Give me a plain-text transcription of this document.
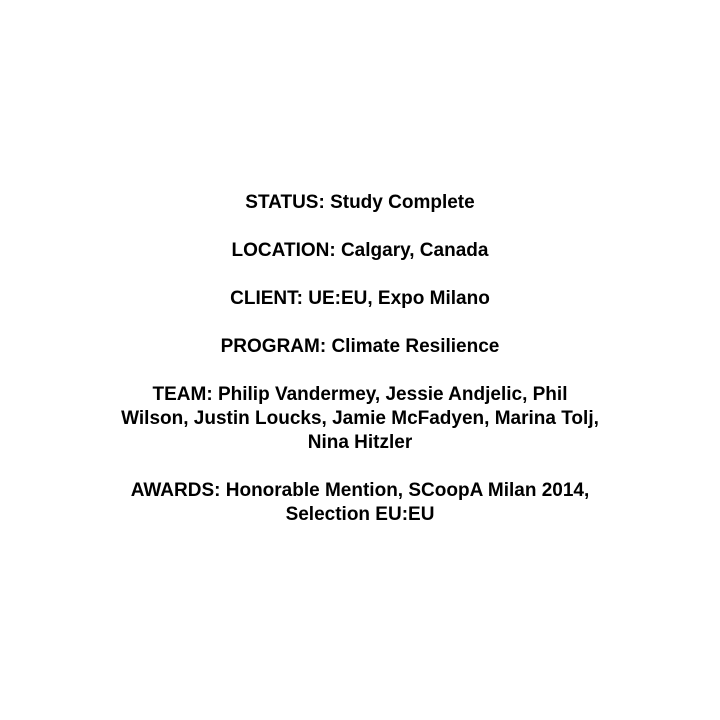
STATUS: Study Complete

LOCATION: Calgary, Canada

CLIENT: UE:EU, Expo Milano

PROGRAM: Climate Resilience

TEAM: Philip Vandermey, Jessie Andjelic, Phil Wilson, Justin Loucks, Jamie McFadyen, Marina Tolj, Nina Hitzler

AWARDS: Honorable Mention, SCoopA Milan 2014, Selection EU:EU
